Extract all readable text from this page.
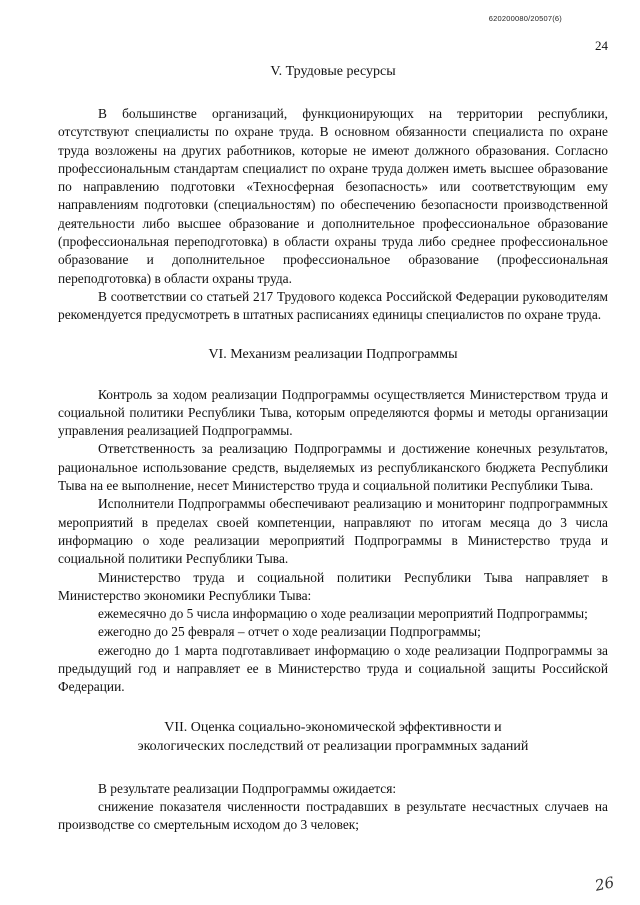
620200080/20507(6)
24
V. Трудовые ресурсы

В большинстве организаций, функционирующих на территории республики, отсутствуют специалисты по охране труда. В основном обязанности специалиста по охране труда возложены на других работников, которые не имеют должного образования. Согласно профессиональным стандартам специалист по охране труда должен иметь высшее образование по направлению подготовки «Техносферная безопасность» или соответствующим ему направлениям подготовки (специальностям) по обеспечению безопасности производственной деятельности либо высшее образование и дополнительное профессиональное образование (профессиональная переподготовка) в области охраны труда либо среднее профессиональное образование и дополнительное профессиональное образование (профессиональная переподготовка) в области охраны труда.

В соответствии со статьей 217 Трудового кодекса Российской Федерации руководителям рекомендуется предусмотреть в штатных расписаниях единицы специалистов по охране труда.

VI. Механизм реализации Подпрограммы

Контроль за ходом реализации Подпрограммы осуществляется Министерством труда и социальной политики Республики Тыва, которым определяются формы и методы организации управления реализацией Подпрограммы.

Ответственность за реализацию Подпрограммы и достижение конечных результатов, рациональное использование средств, выделяемых из республиканского бюджета Республики Тыва на ее выполнение, несет Министерство труда и социальной политики Республики Тыва.

Исполнители Подпрограммы обеспечивают реализацию и мониторинг подпрограммных мероприятий в пределах своей компетенции, направляют по итогам месяца до 3 числа информацию о ходе реализации мероприятий Подпрограммы в Министерство труда и социальной политики Республики Тыва.

Министерство труда и социальной политики Республики Тыва направляет в Министерство экономики Республики Тыва:

ежемесячно до 5 числа информацию о ходе реализации мероприятий Подпрограммы;

ежегодно до 25 февраля – отчет о ходе реализации Подпрограммы;

ежегодно до 1 марта подготавливает информацию о ходе реализации Подпрограммы за предыдущий год и направляет ее в Министерство труда и социальной защиты Российской Федерации.

VII. Оценка социально-экономической эффективности и
экологических последствий от реализации программных заданий

В результате реализации Подпрограммы ожидается:

снижение показателя численности пострадавших в результате несчастных случаев на производстве со смертельным исходом до 3 человек;

26
